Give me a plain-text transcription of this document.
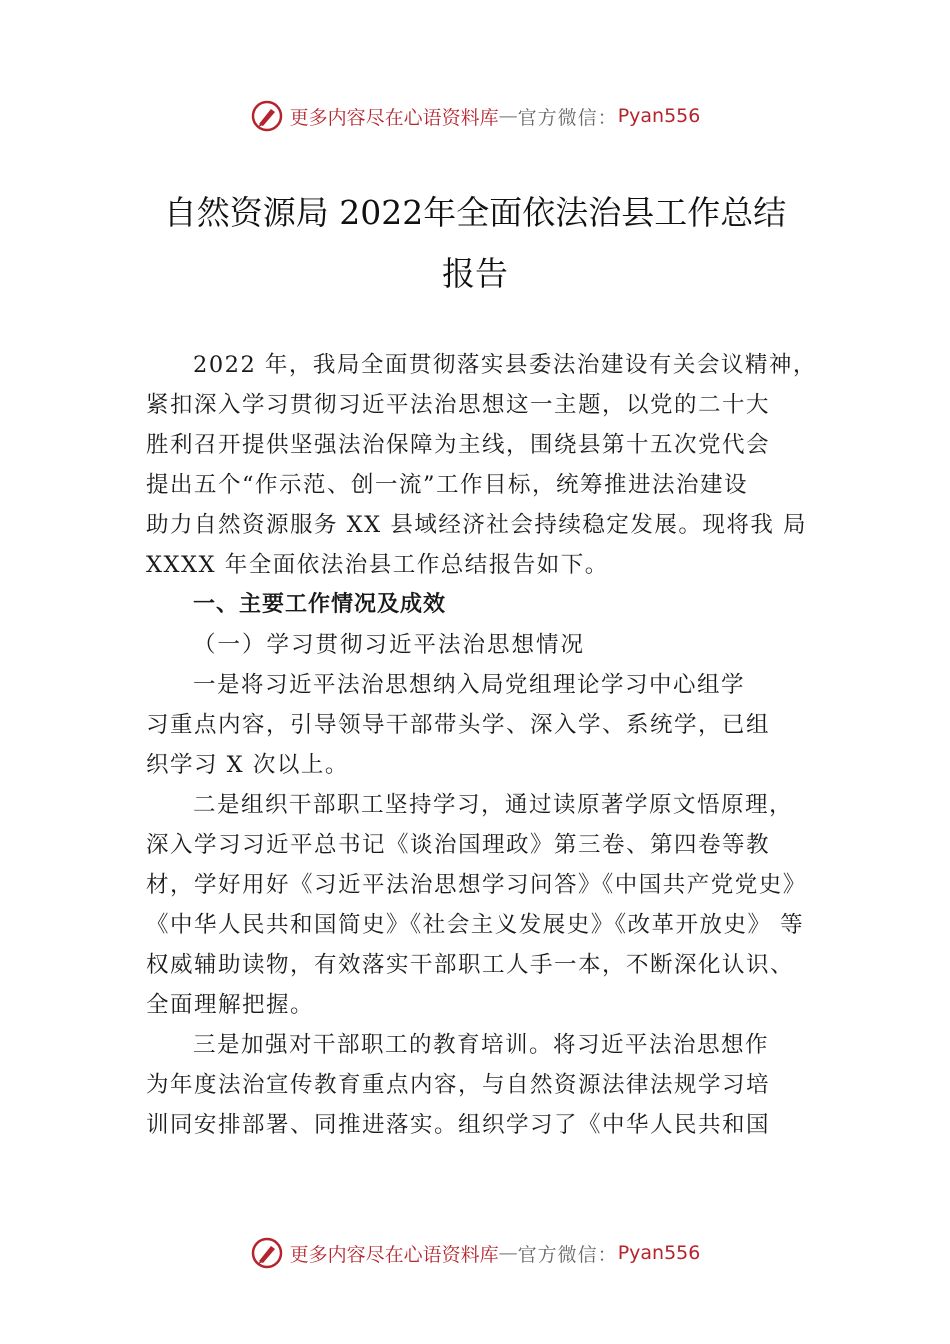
更多内容尽在心语资料库 — 官方微信： Pyan556
自然资源局 2022年全面依法治县工作总结
报告
2022 年，我局全面贯彻落实县委法治建设有关会议精神，
紧扣深入学习贯彻习近平法治思想这一主题，以党的二十大
胜利召开提供坚强法治保障为主线，围绕县第十五次党代会
提出五个“作示范、创一流”工作目标，统筹推进法治建设
助力自然资源服务 XX 县域经济社会持续稳定发展。现将我 局
XXXX 年全面依法治县工作总结报告如下。
一、主要工作情况及成效
（一）学习贯彻习近平法治思想情况
一是将习近平法治思想纳入局党组理论学习中心组学
习重点内容，引导领导干部带头学、深入学、系统学，已组
织学习 X 次以上。
二是组织干部职工坚持学习，通过读原著学原文悟原理，
深入学习习近平总书记《谈治国理政》第三卷、第四卷等教
材，学好用好《习近平法治思想学习问答》《中国共产党党史》
《中华人民共和国简史》《社会主义发展史》《改革开放史》 等
权威辅助读物，有效落实干部职工人手一本，不断深化认识、
全面理解把握。
三是加强对干部职工的教育培训。将习近平法治思想作
为年度法治宣传教育重点内容，与自然资源法律法规学习培
训同安排部署、同推进落实。组织学习了《中华人民共和国
更多内容尽在心语资料库 — 官方微信： Pyan556
